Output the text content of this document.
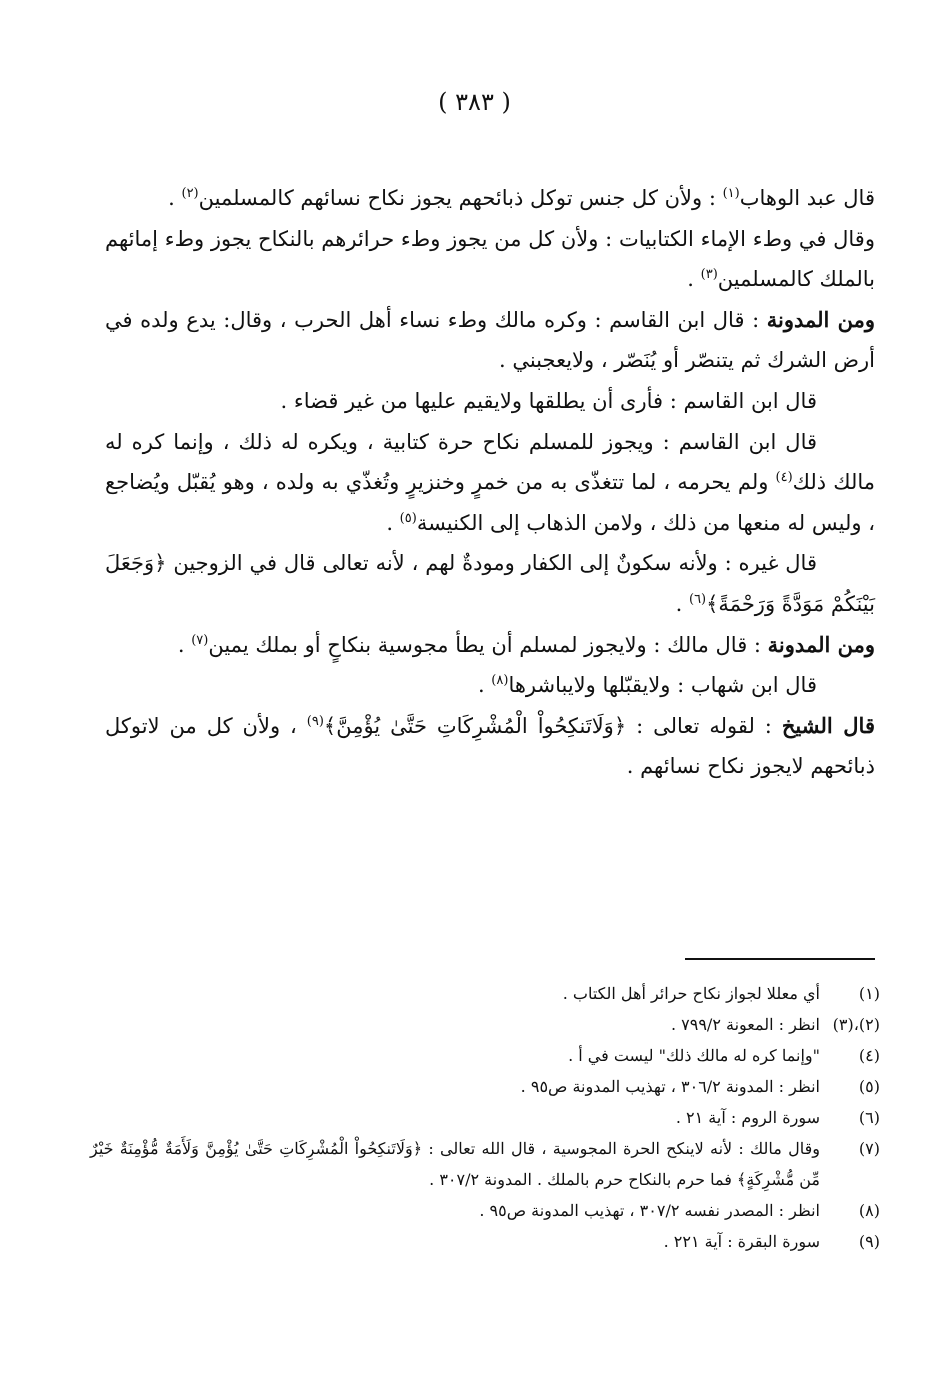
( ٣٨٣ )

قال عبد الوهاب$^{(١)}$ : ولأن كل جنس توكل ذبائحهم يجوز نكاح نسائهم كالمسلمين$^{(٢)}$ .

وقال في وطء الإماء الكتابيات : ولأن كل من يجوز وطء حرائرهم بالنكاح يجوز وطء إمائهم بالملك كالمسلمين$^{(٣)}$ .

ومن المدونة : قال ابن القاسم : وكره مالك وطء نساء أهل الحرب ، وقال: يدع ولده في أرض الشرك ثم يتنصّر أو يُنَصّر ، ولايعجبني .

قال ابن القاسم : فأرى أن يطلقها ولايقيم عليها من غير قضاء .

قال ابن القاسم : ويجوز للمسلم نكاح حرة كتابية ، ويكره له ذلك ، وإنما كره له مالك ذلك$^{(٤)}$ ولم يحرمه ، لما تتغذّى به من خمرٍ وخنزيرٍ وتُغذّي به ولده ، وهو يُقبّل ويُضاجع ، وليس له منعها من ذلك ، ولامن الذهاب إلى الكنيسة$^{(٥)}$ .

قال غيره : ولأنه سكونٌ إلى الكفار ومودةٌ لهم ، لأنه تعالى قال في الزوجين ﴿وَجَعَلَ بَيْنَكُمْ مَوَدَّةً وَرَحْمَةً﴾$^{(٦)}$ .

ومن المدونة : قال مالك : ولايجوز لمسلم أن يطأ مجوسية بنكاحٍ أو بملك يمين$^{(٧)}$ .

قال ابن شهاب : ولايقبّلها ولايباشرها$^{(٨)}$ .

قال الشيخ : لقوله تعالى : ﴿وَلَاتَنكِحُواْ الْمُشْرِكَاتِ حَتَّىٰ يُؤْمِنَّ﴾$^{(٩)}$ ، ولأن كل من لاتوكل ذبائحهم لايجوز نكاح نسائهم .

(١)
أي معللا لجواز نكاح حرائر أهل الكتاب .
(٢)،(٣)
انظر : المعونة ٧٩٩/٢ .
(٤)
"وإنما كره له مالك ذلك" ليست في أ .
(٥)
انظر : المدونة ٣٠٦/٢ ، تهذيب المدونة ص٩٥ .
(٦)
سورة الروم : آية ٢١ .
(٧)
وقال مالك : لأنه لاينكح الحرة المجوسية ، قال الله تعالى : ﴿وَلَاتَنكِحُواْ الْمُشْرِكَاتِ حَتَّىٰ يُؤْمِنَّ وَلَأَمَةٌ مُّؤْمِنَةٌ خَيْرٌ مِّن مُّشْرِكَةٍ﴾ فما حرم بالنكاح حرم بالملك . المدونة ٣٠٧/٢ .
(٨)
انظر : المصدر نفسه ٣٠٧/٢ ، تهذيب المدونة ص٩٥ .
(٩)
سورة البقرة : آية ٢٢١ .
